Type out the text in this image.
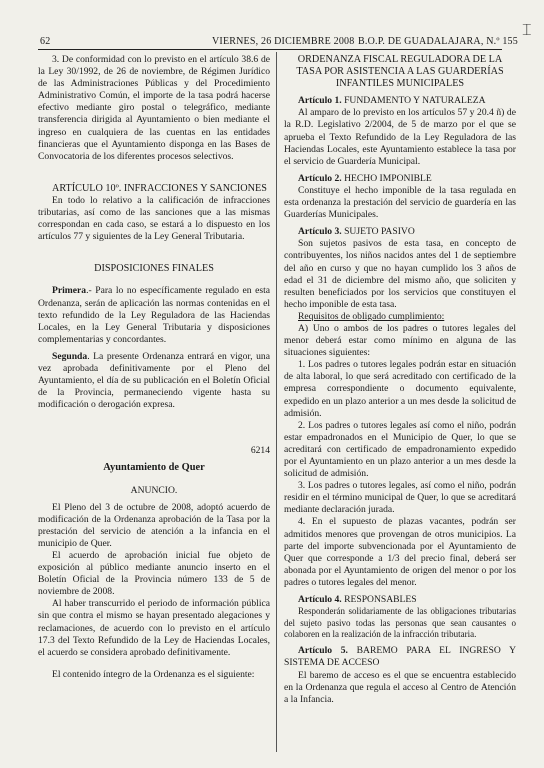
⌶
62	VIERNES, 26 DICIEMBRE 2008 B.O.P. DE GUADALAJARA, N.º 155

3. De conformidad con lo previsto en el artículo 38.6 de la Ley 30/1992, de 26 de noviembre, de Régimen Jurídico de las Administraciones Públicas y del Procedimiento Administrativo Común, el importe de la tasa podrá hacerse efectivo mediante giro postal o telegráfico, mediante transferencia dirigida al Ayuntamiento o bien mediante el ingreso en cualquiera de las cuentas en las entidades financieras que el Ayuntamiento disponga en las Bases de Convocatoria de los diferentes procesos selectivos.

ARTÍCULO 10º. INFRACCIONES Y SANCIONES

En todo lo relativo a la calificación de infracciones tributarias, así como de las sanciones que a las mismas correspondan en cada caso, se estará a lo dispuesto en los artículos 77 y siguientes de la Ley General Tributaria.

DISPOSICIONES FINALES

Primera.- Para lo no específicamente regulado en esta Ordenanza, serán de aplicación las normas contenidas en el texto refundido de la Ley Reguladora de las Haciendas Locales, en la Ley General Tributaria y disposiciones complementarias y concordantes.

Segunda. La presente Ordenanza entrará en vigor, una vez aprobada definitivamente por el Pleno del Ayuntamiento, el día de su publicación en el Boletín Oficial de la Provincia, permaneciendo vigente hasta su modificación o derogación expresa.

6214

Ayuntamiento de Quer

ANUNCIO.

El Pleno del 3 de octubre de 2008, adoptó acuerdo de modificación de la Ordenanza aprobación de la Tasa por la prestación del servicio de atención a la infancia en el municipio de Quer.

El acuerdo de aprobación inicial fue objeto de exposición al público mediante anuncio inserto en el Boletín Oficial de la Provincia número 133 de 5 de noviembre de 2008.

Al haber transcurrido el periodo de información pública sin que contra el mismo se hayan presentado alegaciones y reclamaciones, de acuerdo con lo previsto en el artículo 17.3 del Texto Refundido de la Ley de Haciendas Locales, el acuerdo se considera aprobado definitivamente.

El contenido íntegro de la Ordenanza es el siguiente:

ORDENANZA FISCAL REGULADORA DE LA TASA POR ASISTENCIA A LAS GUARDERÍAS INFANTILES MUNICIPALES

Artículo 1. FUNDAMENTO Y NATURALEZA

Al amparo de lo previsto en los artículos 57 y 20.4 ñ) de la R.D. Legislativo 2/2004, de 5 de marzo por el que se aprueba el Texto Refundido de la Ley Reguladora de las Haciendas Locales, este Ayuntamiento establece la tasa por el servicio de Guardería Municipal.

Artículo 2. HECHO IMPONIBLE

Constituye el hecho imponible de la tasa regulada en esta ordenanza la prestación del servicio de guardería en las Guarderías Municipales.

Artículo 3. SUJETO PASIVO

Son sujetos pasivos de esta tasa, en concepto de contribuyentes, los niños nacidos antes del 1 de septiembre del año en curso y que no hayan cumplido los 3 años de edad el 31 de diciembre del mismo año, que soliciten y resulten beneficiados por los servicios que constituyen el hecho imponible de esta tasa.

Requisitos de obligado cumplimiento:

A) Uno o ambos de los padres o tutores legales del menor deberá estar como mínimo en alguna de las situaciones siguientes:

1. Los padres o tutores legales podrán estar en situación de alta laboral, lo que será acreditado con certificado de la empresa correspondiente o documento equivalente, expedido en un plazo anterior a un mes desde la solicitud de admisión.

2. Los padres o tutores legales así como el niño, podrán estar empadronados en el Municipio de Quer, lo que se acreditará con certificado de empadronamiento expedido por el Ayuntamiento en un plazo anterior a un mes desde la solicitud de admisión.

3. Los padres o tutores legales, así como el niño, podrán residir en el término municipal de Quer, lo que se acreditará mediante declaración jurada.

4. En el supuesto de plazas vacantes, podrán ser admitidos menores que provengan de otros municipios. La parte del importe subvencionada por el Ayuntamiento de Quer que corresponde a 1/3 del precio final, deberá ser abonada por el Ayuntamiento de origen del menor o por los padres o tutores legales del menor.

Artículo 4. RESPONSABLES

Responderán solidariamente de las obligaciones tributarias del sujeto pasivo todas las personas que sean causantes o colaboren en la realización de la infracción tributaria.

Artículo 5. BAREMO PARA EL INGRESO Y SISTEMA DE ACCESO

El baremo de acceso es el que se encuentra establecido en la Ordenanza que regula el acceso al Centro de Atención a la Infancia.
